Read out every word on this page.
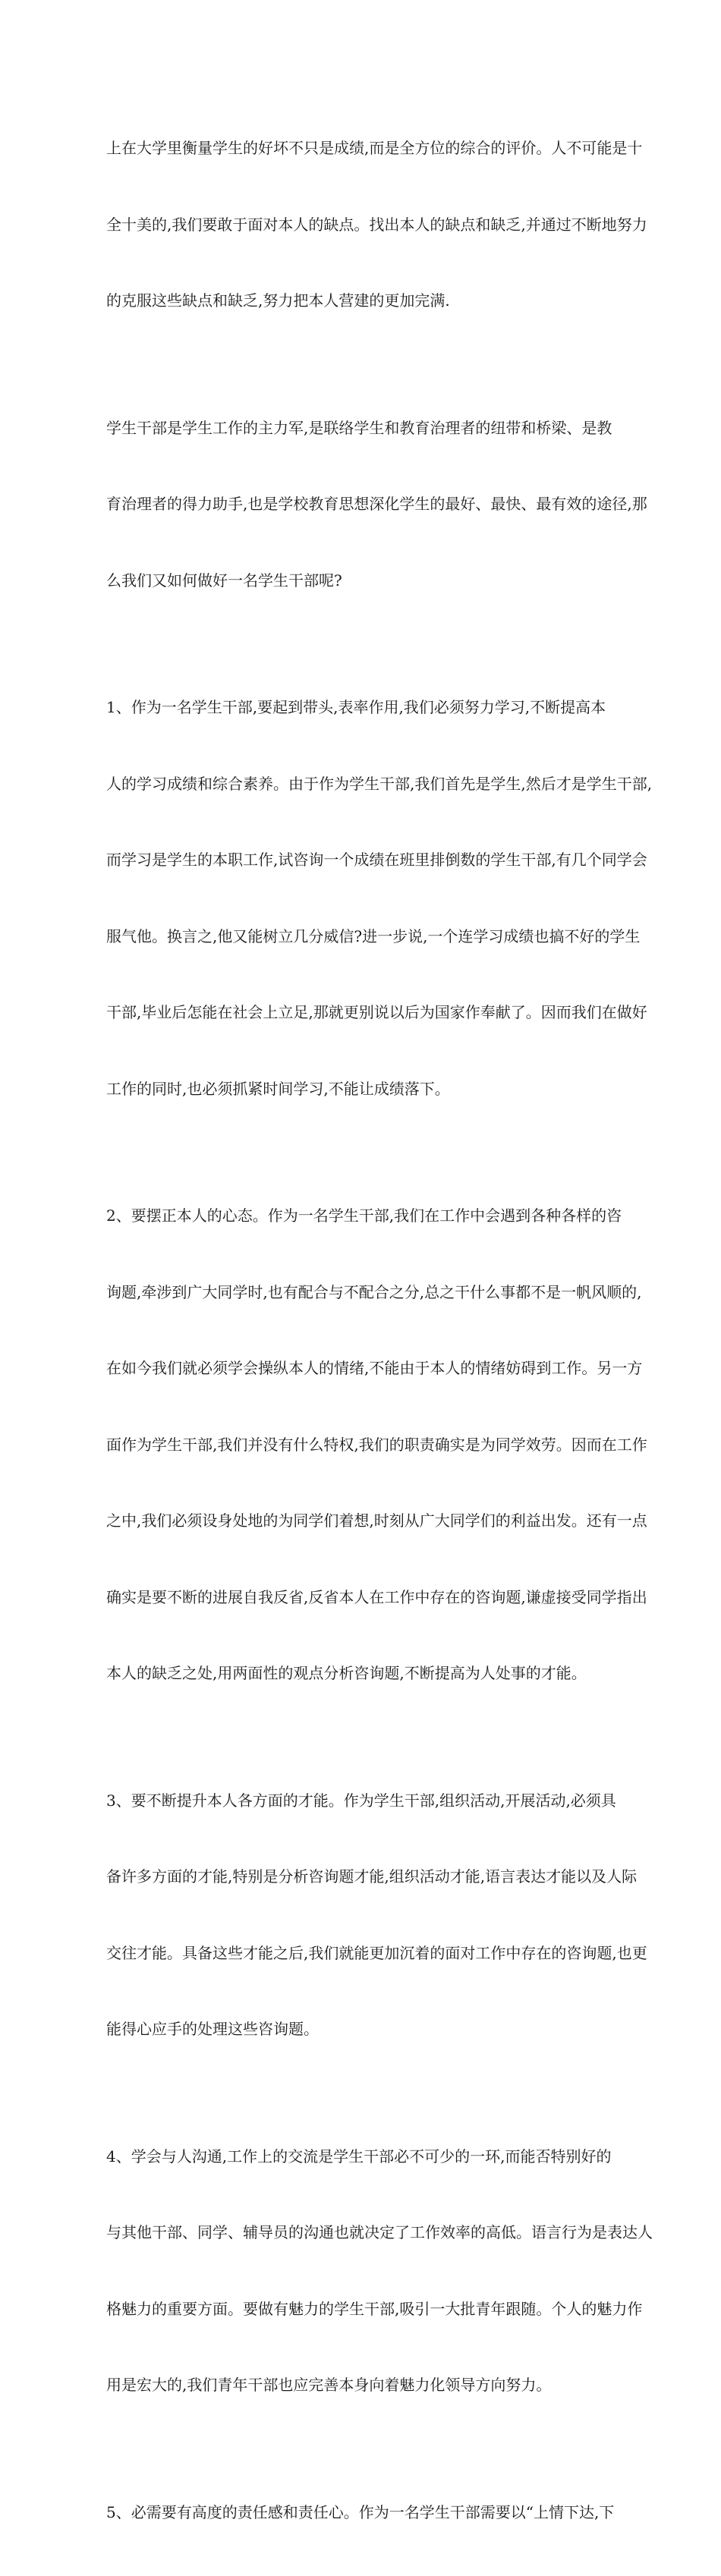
上在大学里衡量学生的好坏不只是成绩,而是全方位的综合的评价。人不可能是十

全十美的,我们要敢于面对本人的缺点。找出本人的缺点和缺乏,并通过不断地努力

的克服这些缺点和缺乏,努力把本人营建的更加完满.

学生干部是学生工作的主力军,是联络学生和教育治理者的纽带和桥梁、是教

育治理者的得力助手,也是学校教育思想深化学生的最好、最快、最有效的途径,那

么我们又如何做好一名学生干部呢?

1、作为一名学生干部,要起到带头,表率作用,我们必须努力学习,不断提高本

人的学习成绩和综合素养。由于作为学生干部,我们首先是学生,然后才是学生干部,

而学习是学生的本职工作,试咨询一个成绩在班里排倒数的学生干部,有几个同学会

服气他。换言之,他又能树立几分威信?进一步说,一个连学习成绩也搞不好的学生

干部,毕业后怎能在社会上立足,那就更别说以后为国家作奉献了。因而我们在做好

工作的同时,也必须抓紧时间学习,不能让成绩落下。

2、要摆正本人的心态。作为一名学生干部,我们在工作中会遇到各种各样的咨

询题,牵涉到广大同学时,也有配合与不配合之分,总之干什么事都不是一帆风顺的,

在如今我们就必须学会操纵本人的情绪,不能由于本人的情绪妨碍到工作。另一方

面作为学生干部,我们并没有什么特权,我们的职责确实是为同学效劳。因而在工作

之中,我们必须设身处地的为同学们着想,时刻从广大同学们的利益出发。还有一点

确实是要不断的进展自我反省,反省本人在工作中存在的咨询题,谦虚接受同学指出

本人的缺乏之处,用两面性的观点分析咨询题,不断提高为人处事的才能。

3、要不断提升本人各方面的才能。作为学生干部,组织活动,开展活动,必须具

备许多方面的才能,特别是分析咨询题才能,组织活动才能,语言表达才能以及人际

交往才能。具备这些才能之后,我们就能更加沉着的面对工作中存在的咨询题,也更

能得心应手的处理这些咨询题。

4、学会与人沟通,工作上的交流是学生干部必不可少的一环,而能否特别好的

与其他干部、同学、辅导员的沟通也就决定了工作效率的高低。语言行为是表达人

格魅力的重要方面。要做有魅力的学生干部,吸引一大批青年跟随。个人的魅力作

用是宏大的,我们青年干部也应完善本身向着魅力化领导方向努力。

5、必需要有高度的责任感和责任心。作为一名学生干部需要以“上情下达,下
